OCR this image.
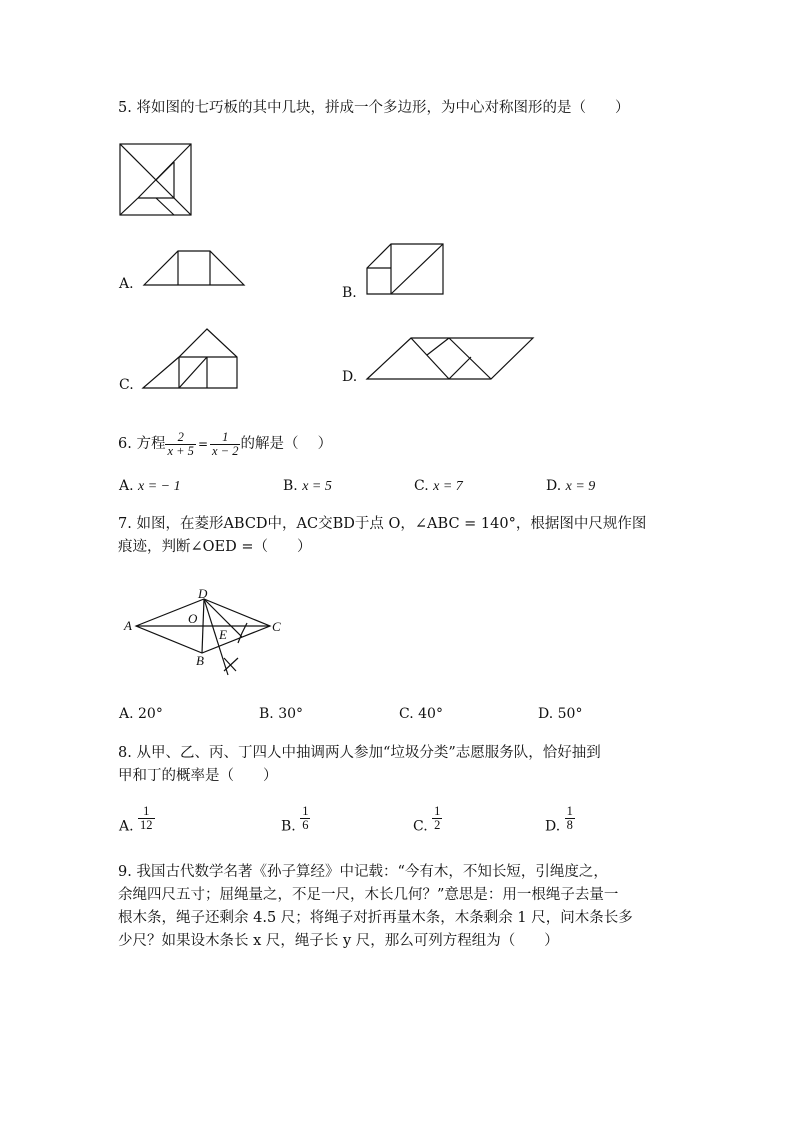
5. 将如图的七巧板的其中几块，拼成一个多边形，为中心对称图形的是（　　）
A.
B.
C.	D.
6. 方程 $\frac{2}{x + 5} = \frac{1}{x - 2}$ 的解是（　 ）
A. x = − 1	B. x = 5	C. x = 7	D. x = 9
7. 如图，在菱形ABCD中，AC交BD于点 O，∠ABC = 140°，根据图中尺规作图
痕迹，判断∠OED =（　　）
A
D
C
B
O
E
A. 20°	B. 30°	C. 40°	D. 50°
8. 从甲、乙、丙、丁四人中抽调两人参加“垃圾分类”志愿服务队，恰好抽到
甲和丁的概率是（　　）
A. $\frac{1}{12}$	B. $\frac{1}{6}$	C. $\frac{1}{2}$	D. $\frac{1}{8}$
9. 我国古代数学名著《孙子算经》中记载：“今有木，不知长短，引绳度之，
余绳四尺五寸；屈绳量之，不足一尺，木长几何？”意思是：用一根绳子去量一
根木条，绳子还剩余 4.5 尺；将绳子对折再量木条，木条剩余 1 尺，问木条长多
少尺？如果设木条长 x 尺，绳子长 y 尺，那么可列方程组为（　　）
